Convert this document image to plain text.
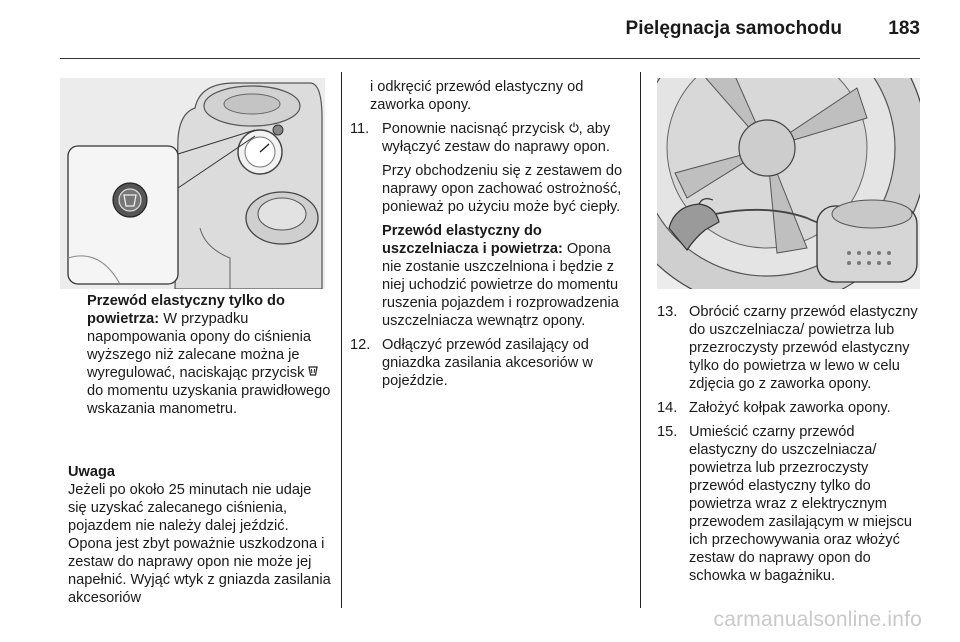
Pielęgnacja samochodu 183
Przewód elastyczny tylko do powietrza: W przypadku napompowania opony do ciśnienia wyższego niż zalecane można je wyregulować, naciskając przycisk  do momentu uzyskania prawidłowego wskazania manometru.
Uwaga
Jeżeli po około 25 minutach nie udaje się uzyskać zalecanego ciśnienia, pojazdem nie należy dalej jeździć. Opona jest zbyt poważnie uszkodzona i zestaw do naprawy opon nie może jej napełnić. Wyjąć wtyk z gniazda zasilania akcesoriów
i odkręcić przewód elastyczny od zaworka opony.
11. Ponownie nacisnąć przycisk , aby wyłączyć zestaw do naprawy opon.
Przy obchodzeniu się z zestawem do naprawy opon zachować ostrożność, ponieważ po użyciu może być ciepły.
Przewód elastyczny do uszczelniacza i powietrza: Opona nie zostanie uszczelniona i będzie z niej uchodzić powietrze do momentu ruszenia pojazdem i rozprowadzenia uszczelniacza wewnątrz opony.
12. Odłączyć przewód zasilający od gniazdka zasilania akcesoriów w pojeździe.
13. Obrócić czarny przewód elastyczny do uszczelniacza/ powietrza lub przezroczysty przewód elastyczny tylko do powietrza w lewo w celu zdjęcia go z zaworka opony.
14. Założyć kołpak zaworka opony.
15. Umieścić czarny przewód elastyczny do uszczelniacza/ powietrza lub przezroczysty przewód elastyczny tylko do powietrza wraz z elektrycznym przewodem zasilającym w miejscu ich przechowywania oraz włożyć zestaw do naprawy opon do schowka w bagażniku.
carmanualsonline.info
